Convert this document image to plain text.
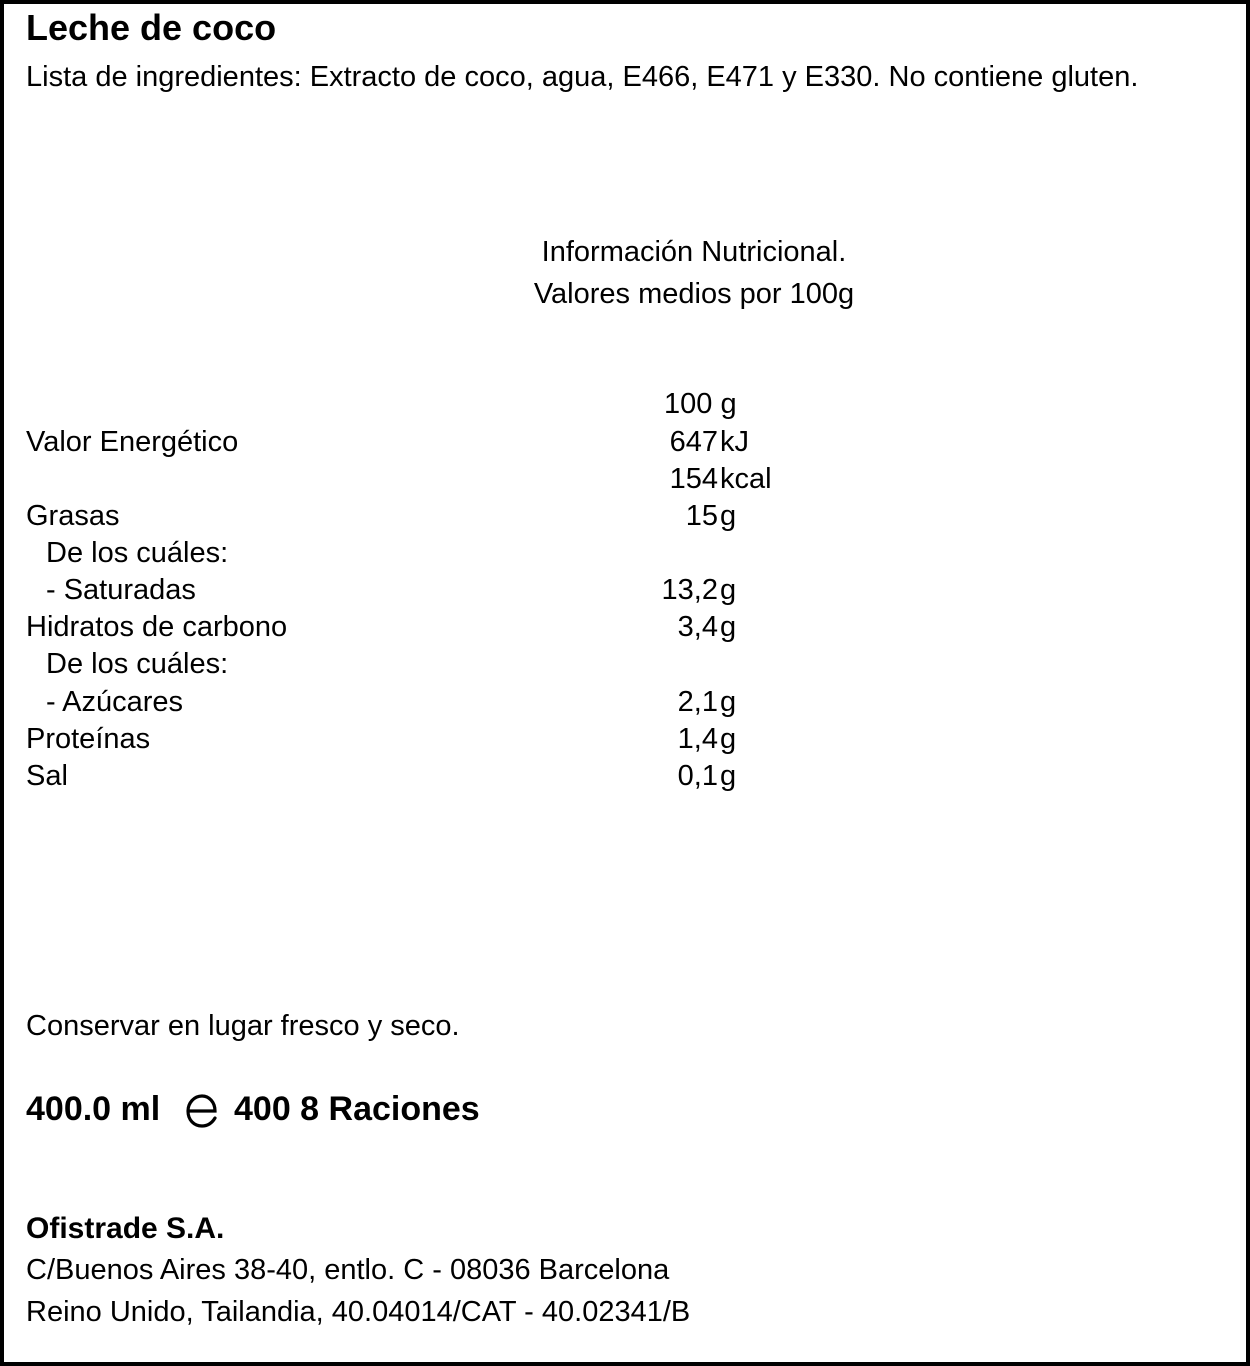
Leche de coco
Lista de ingredientes: Extracto de coco, agua, E466, E471 y E330. No contiene gluten.
Información Nutricional.
Valores medios por 100g
100 g
Valor Energético	647 kJ
154 kcal
Grasas	15 g
De los cuáles:
- Saturadas	13,2 g
Hidratos de carbono	3,4 g
De los cuáles:
- Azúcares	2,1 g
Proteínas	1,4 g
Sal	0,1 g
Conservar en lugar fresco y seco.
400.0 ml 400 8 Raciones
Ofistrade S.A.
C/Buenos Aires 38-40, entlo. C - 08036 Barcelona
Reino Unido, Tailandia, 40.04014/CAT - 40.02341/B
